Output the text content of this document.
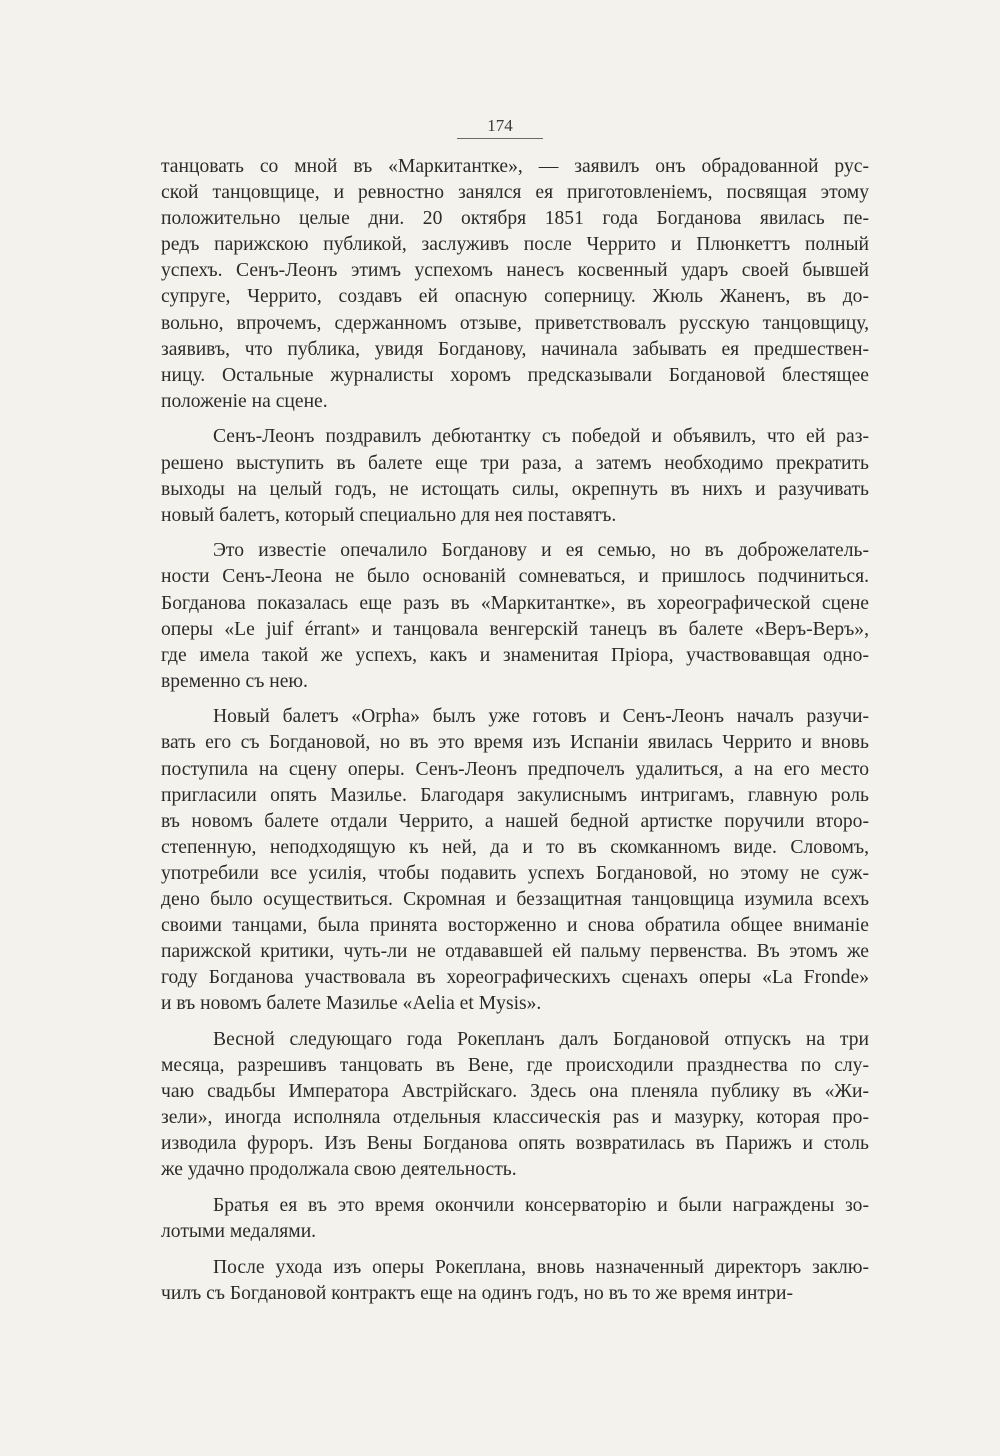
174
танцовать со мной въ «Маркитантке», — заявилъ онъ обрадованной рус-
ской танцовщице, и ревностно занялся ея приготовленiемъ, посвящая этому
положительно целые дни. 20 октября 1851 года Богданова явилась пе-
редъ парижскою публикой, заслуживъ после Черрито и Плюнкеттъ полный
успехъ. Сенъ-Леонъ этимъ успехомъ нанесъ косвенный ударъ своей бывшей
супруге, Черрито, создавъ ей опасную соперницу. Жюль Жаненъ, въ до-
вольно, впрочемъ, сдержанномъ отзыве, приветствовалъ русскую танцовщицу,
заявивъ, что публика, увидя Богданову, начинала забывать ея предшествен-
ницу. Остальные журналисты хоромъ предсказывали Богдановой блестящее
положенie на сцене.
Сенъ-Леонъ поздравилъ дебютантку съ победой и объявилъ, что ей раз-
решено выступить въ балете еще три раза, а затемъ необходимо прекратить
выходы на целый годъ, не истощать силы, окрепнуть въ нихъ и разучивать
новый балетъ, который специально для нея поставятъ.
Это известie опечалило Богданову и ея семью, но въ доброжелатель-
ности Сенъ-Леона не было основанiй сомневаться, и пришлось подчиниться.
Богданова показалась еще разъ въ «Маркитантке», въ хореографической сцене
оперы «Le juif érrant» и танцовала венгерскiй танецъ въ балете «Веръ-Веръ»,
где имела такой же успехъ, какъ и знаменитая Прiора, участвовавщая одно-
временно съ нею.
Новый балетъ «Orpha» былъ уже готовъ и Сенъ-Леонъ началъ разучи-
вать его съ Богдановой, но въ это время изъ Испанiи явилась Черрито и вновь
поступила на сцену оперы. Сенъ-Леонъ предпочелъ удалиться, а на его место
пригласили опять Мазилье. Благодаря закулиснымъ интригамъ, главную роль
въ новомъ балете отдали Черрито, а нашей бедной артистке поручили второ-
степенную, неподходящую къ ней, да и то въ скомканномъ виде. Словомъ,
употребили все усилiя, чтобы подавить успехъ Богдановой, но этому не суж-
дено было осуществиться. Скромная и беззащитная танцовщица изумила всехъ
своими танцами, была принята восторженно и снова обратила общее вниманiе
парижской критики, чуть-ли не отдававшей ей пальму первенства. Въ этомъ же
году Богданова участвовала въ хореографическихъ сценахъ оперы «La Fronde»
и въ новомъ балете Мазилье «Aelia et Mysis».
Весной следующаго года Рокепланъ далъ Богдановой отпускъ на три
месяца, разрешивъ танцовать въ Вене, где происходили празднества по слу-
чаю свадьбы Императора Австрiйскаго. Здесь она пленяла публику въ «Жи-
зели», иногда исполняла отдельныя классическiя pas и мазурку, которая про-
изводила фуроръ. Изъ Вены Богданова опять возвратилась въ Парижъ и столь
же удачно продолжала свою деятельность.
Братья ея въ это время окончили консерваторiю и были награждены зо-
лотыми медалями.
После ухода изъ оперы Рокеплана, вновь назначенный директоръ заклю-
чилъ съ Богдановой контрактъ еще на одинъ годъ, но въ то же время интри-
